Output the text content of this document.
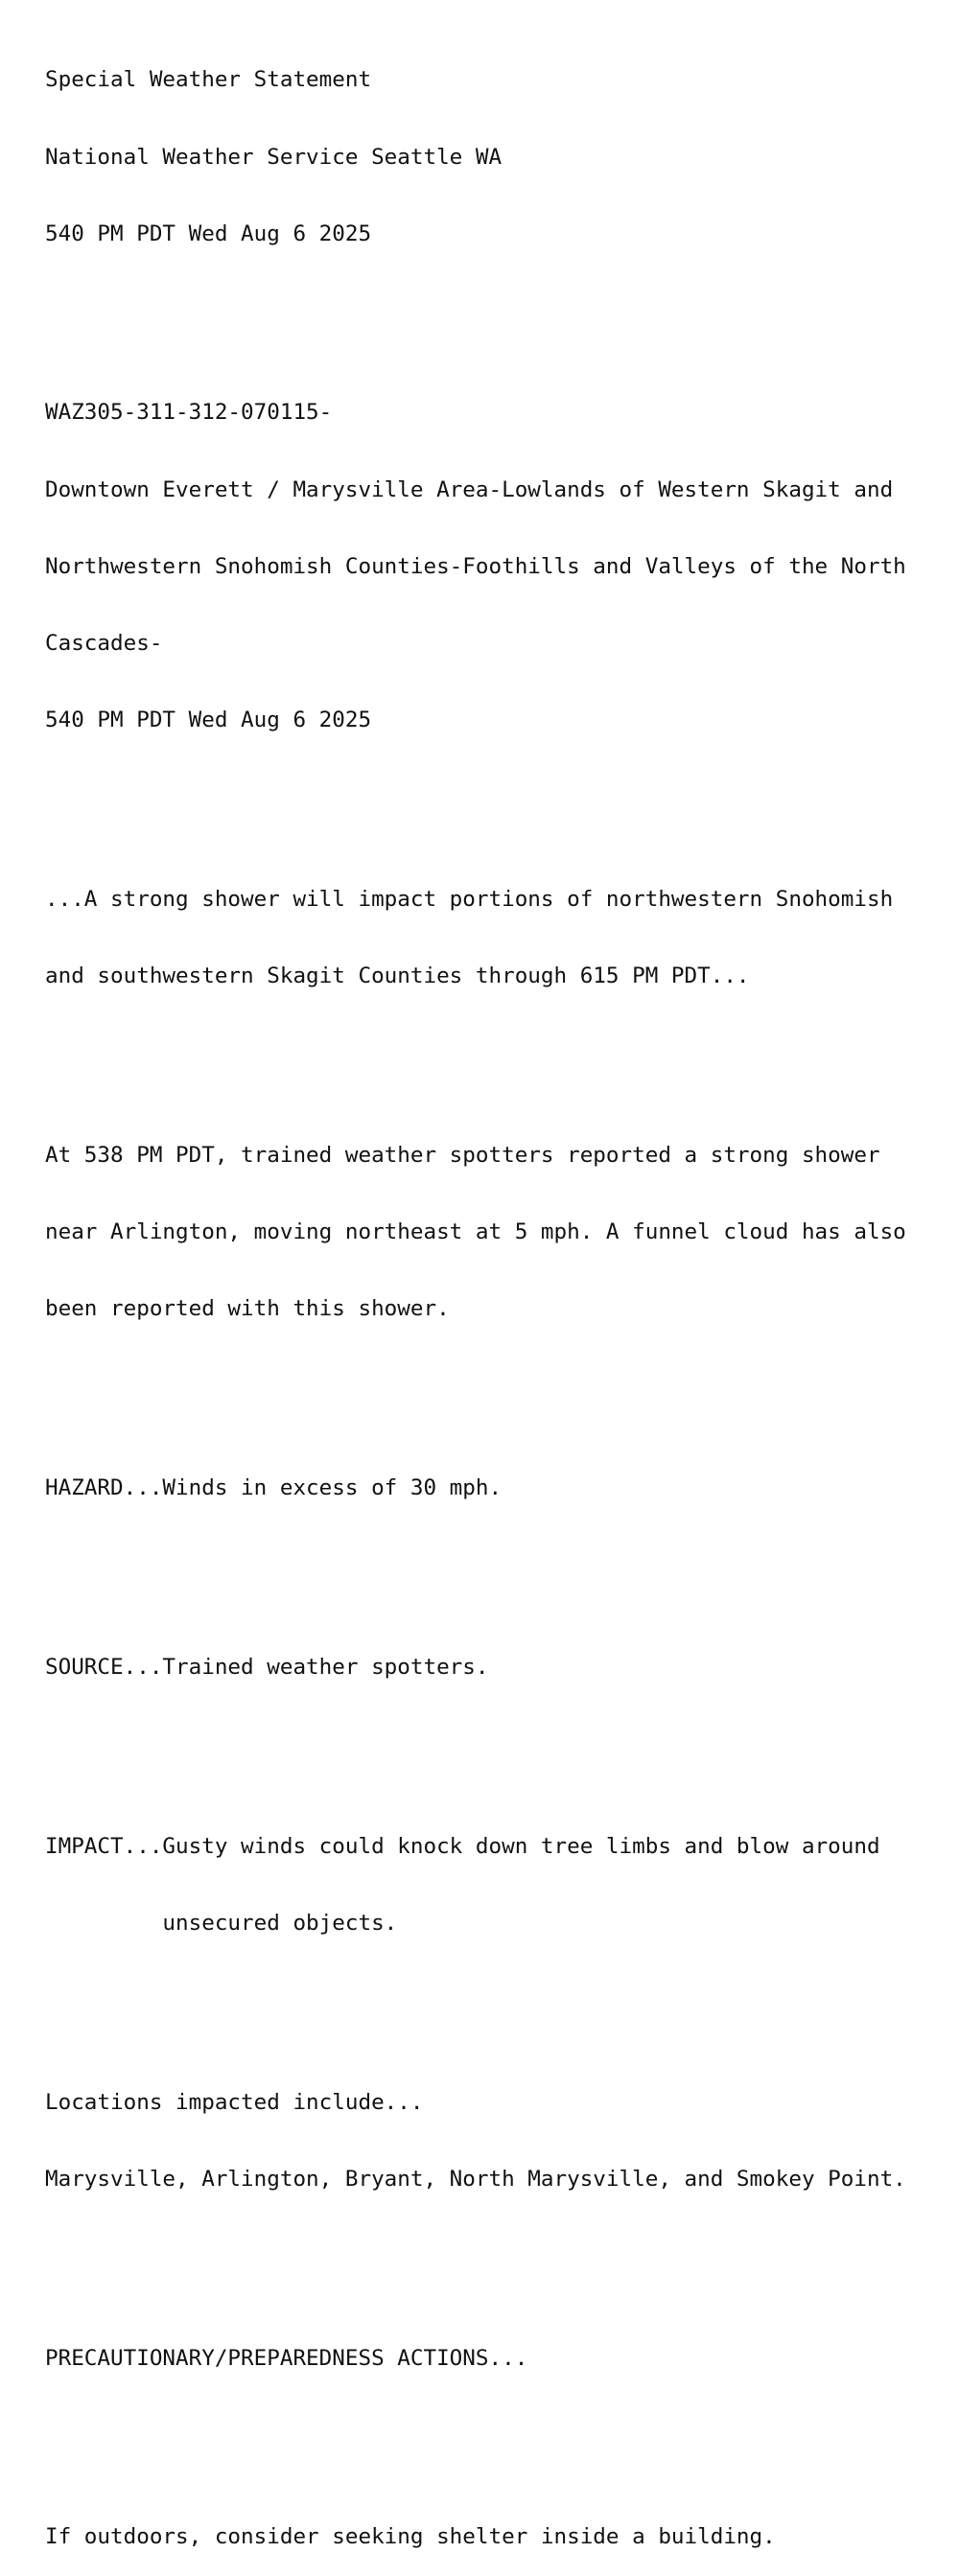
Special Weather Statement

National Weather Service Seattle WA

540 PM PDT Wed Aug 6 2025

WAZ305-311-312-070115-

Downtown Everett / Marysville Area-Lowlands of Western Skagit and

Northwestern Snohomish Counties-Foothills and Valleys of the North

Cascades-

540 PM PDT Wed Aug 6 2025

...A strong shower will impact portions of northwestern Snohomish

and southwestern Skagit Counties through 615 PM PDT...

At 538 PM PDT, trained weather spotters reported a strong shower

near Arlington, moving northeast at 5 mph. A funnel cloud has also

been reported with this shower.

HAZARD...Winds in excess of 30 mph.

SOURCE...Trained weather spotters.

IMPACT...Gusty winds could knock down tree limbs and blow around

unsecured objects.

Locations impacted include...

Marysville, Arlington, Bryant, North Marysville, and Smokey Point.

PRECAUTIONARY/PREPAREDNESS ACTIONS...

If outdoors, consider seeking shelter inside a building.
